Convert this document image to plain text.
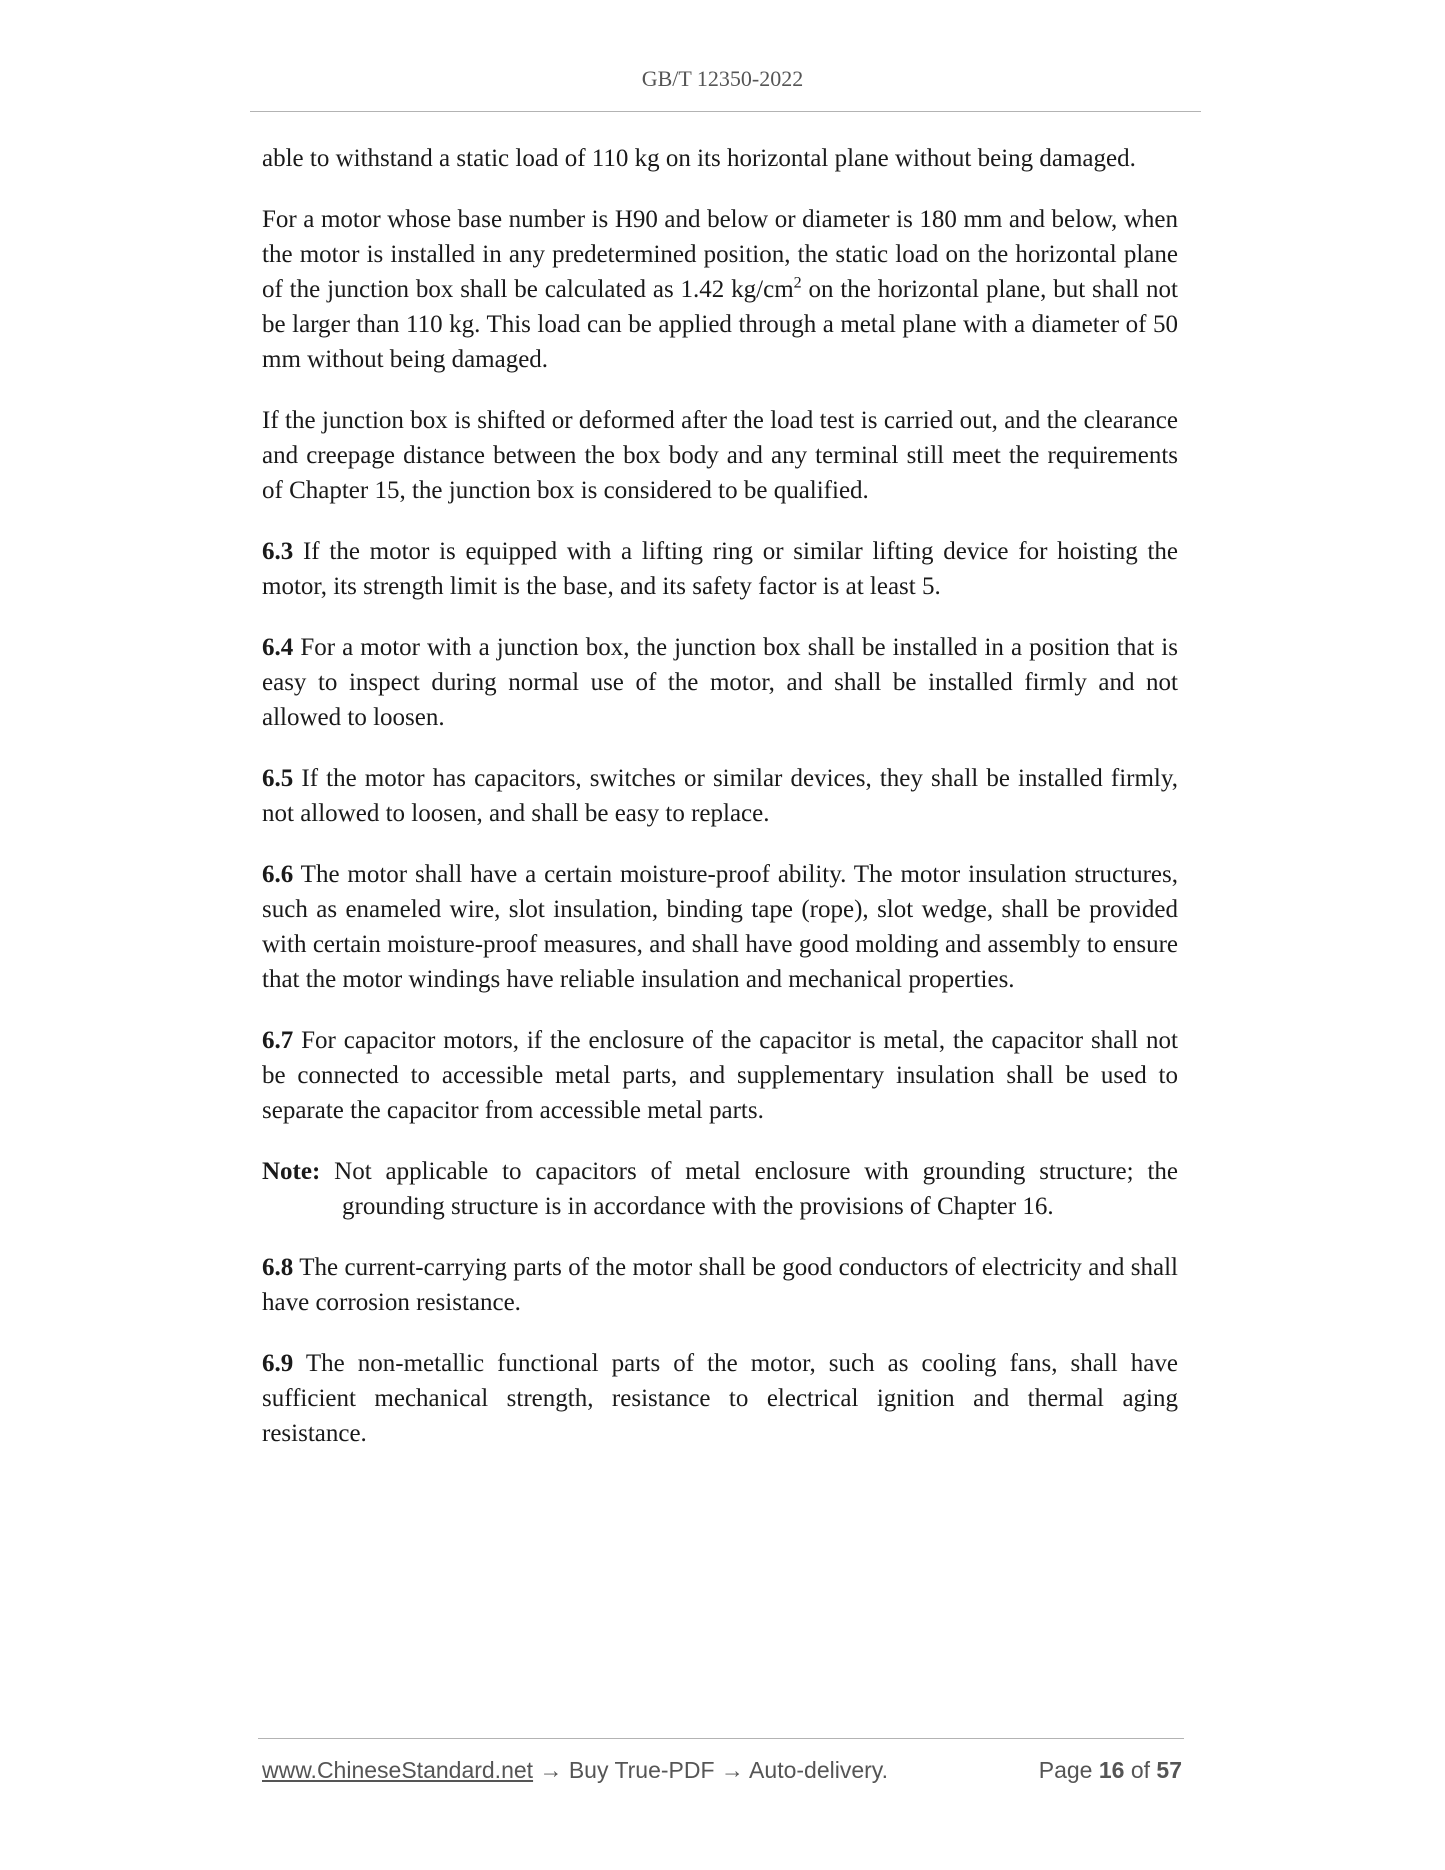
GB/T 12350-2022

able to withstand a static load of 110 kg on its horizontal plane without being damaged.

For a motor whose base number is H90 and below or diameter is 180 mm and below, when the motor is installed in any predetermined position, the static load on the horizontal plane of the junction box shall be calculated as 1.42 $kg/cm^2$ on the horizontal plane, but shall not be larger than 110 kg. This load can be applied through a metal plane with a diameter of 50 mm without being damaged.

If the junction box is shifted or deformed after the load test is carried out, and the clearance and creepage distance between the box body and any terminal still meet the requirements of Chapter 15, the junction box is considered to be qualified.

6.3 If the motor is equipped with a lifting ring or similar lifting device for hoisting the motor, its strength limit is the base, and its safety factor is at least 5.

6.4 For a motor with a junction box, the junction box shall be installed in a position that is easy to inspect during normal use of the motor, and shall be installed firmly and not allowed to loosen.

6.5 If the motor has capacitors, switches or similar devices, they shall be installed firmly, not allowed to loosen, and shall be easy to replace.

6.6 The motor shall have a certain moisture-proof ability. The motor insulation structures, such as enameled wire, slot insulation, binding tape (rope), slot wedge, shall be provided with certain moisture-proof measures, and shall have good molding and assembly to ensure that the motor windings have reliable insulation and mechanical properties.

6.7 For capacitor motors, if the enclosure of the capacitor is metal, the capacitor shall not be connected to accessible metal parts, and supplementary insulation shall be used to separate the capacitor from accessible metal parts.

Note: Not applicable to capacitors of metal enclosure with grounding structure; the grounding structure is in accordance with the provisions of Chapter 16.

6.8 The current-carrying parts of the motor shall be good conductors of electricity and shall have corrosion resistance.

6.9 The non-metallic functional parts of the motor, such as cooling fans, shall have sufficient mechanical strength, resistance to electrical ignition and thermal aging resistance.

www.ChineseStandard.net → Buy True-PDF → Auto-delivery.	Page 16 of 57
